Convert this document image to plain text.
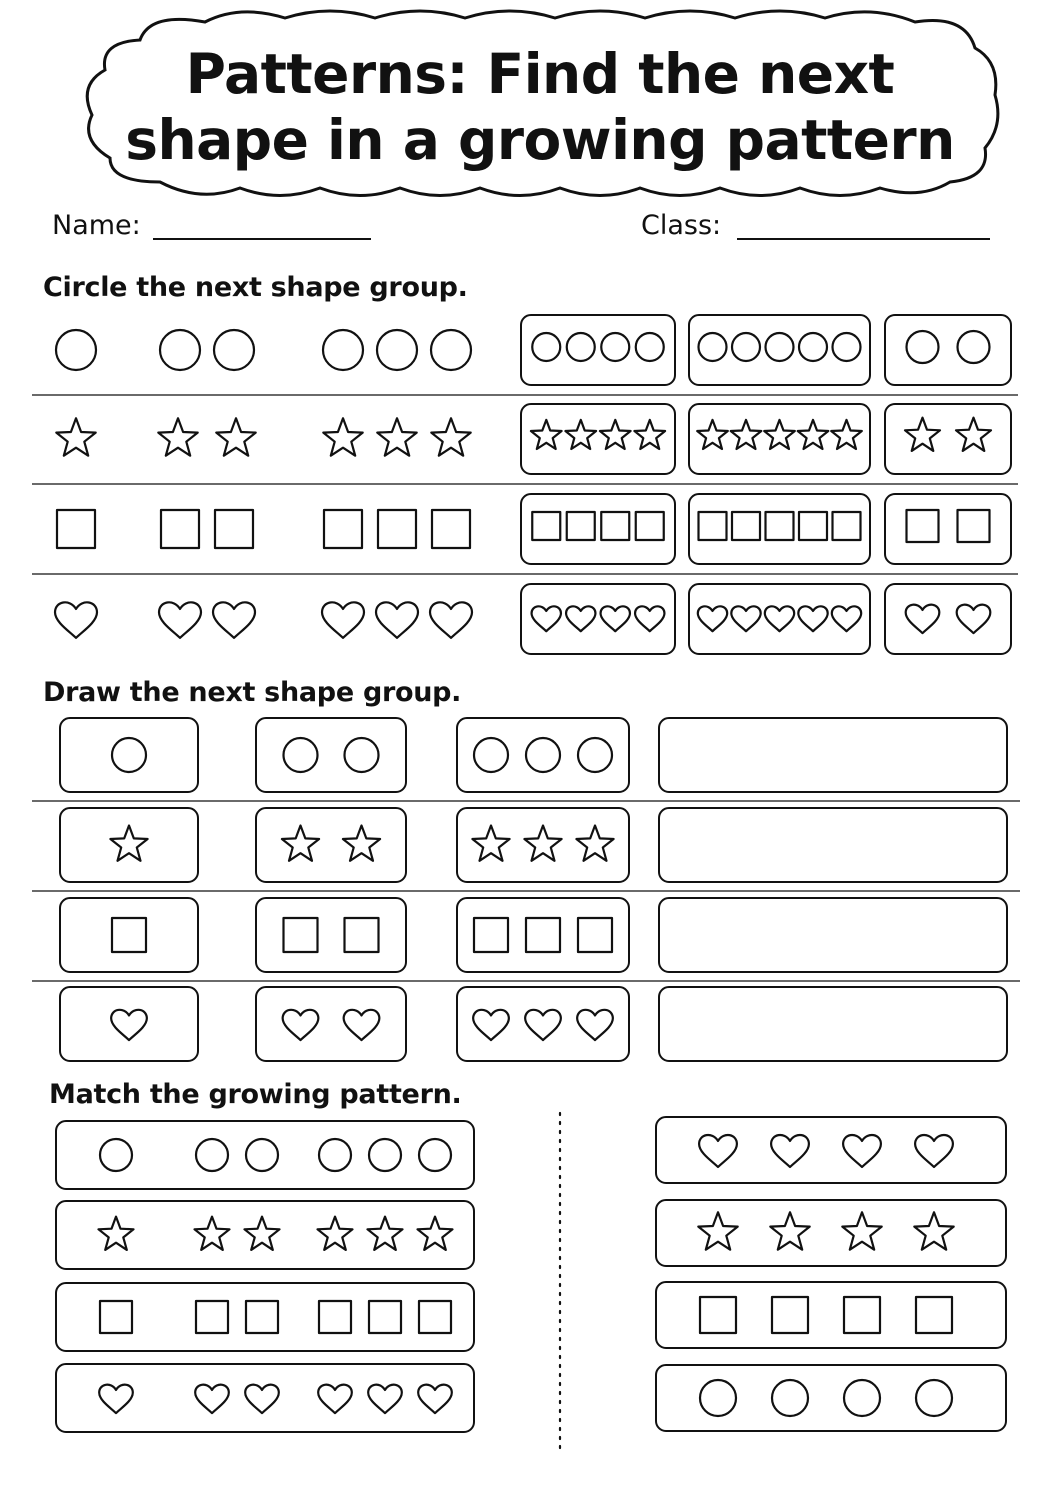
Patterns: Find the next
shape in a growing pattern
Name:	Class:
Circle the next shape group.
Draw the next shape group.
Match the growing pattern.
